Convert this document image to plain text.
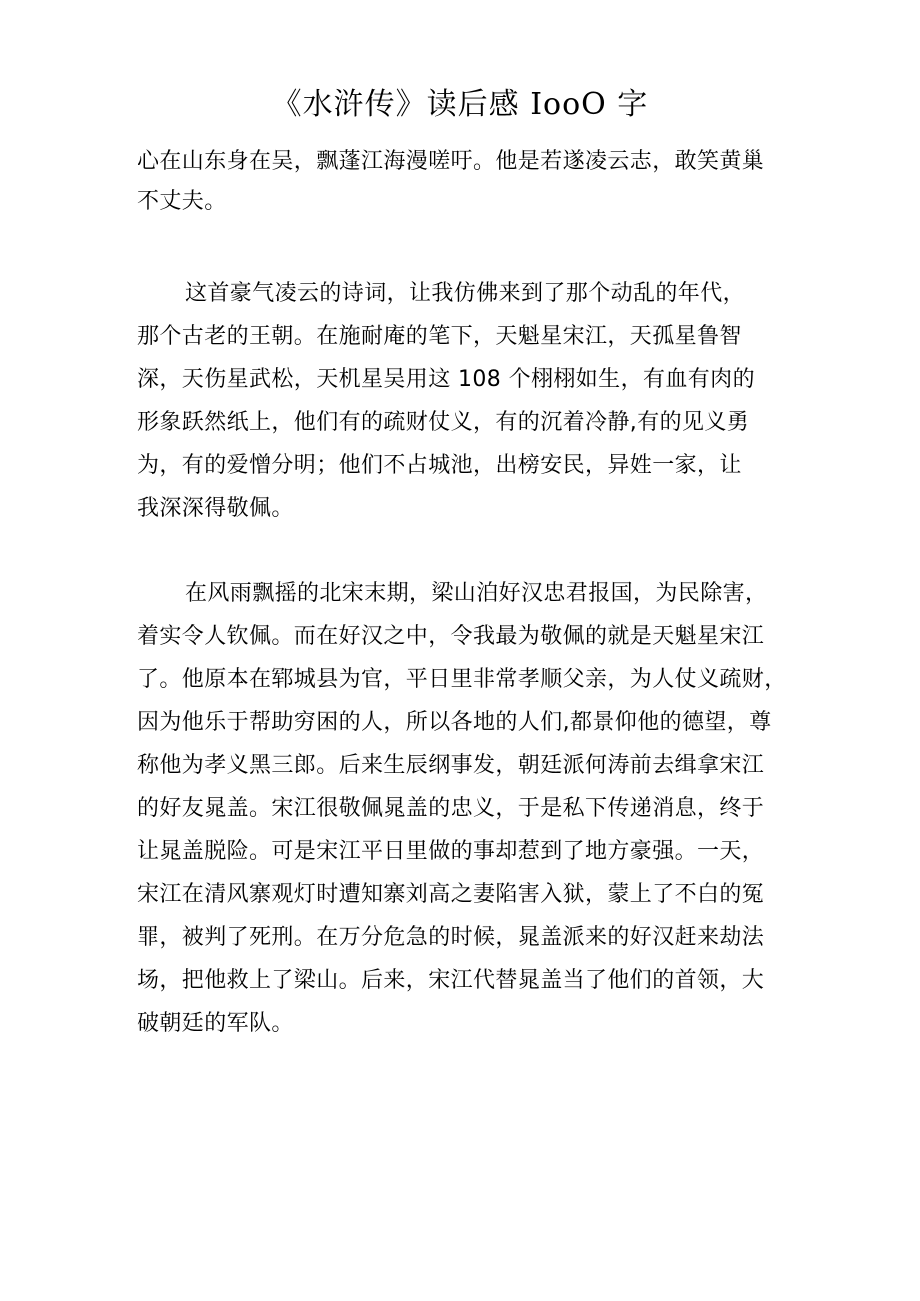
《水浒传》读后感 IooO 字
心在山东身在吴，飘蓬江海漫嗟吁。他是若遂凌云志，敢笑黄巢
不丈夫。
这首豪气凌云的诗词，让我仿佛来到了那个动乱的年代，
那个古老的王朝。在施耐庵的笔下，天魁星宋江，天孤星鲁智
深，天伤星武松，天机星吴用这 108 个栩栩如生，有血有肉的
形象跃然纸上，他们有的疏财仗义，有的沉着冷静,有的见义勇
为，有的爱憎分明；他们不占城池，出榜安民，异姓一家，让
我深深得敬佩。
在风雨飘摇的北宋末期，梁山泊好汉忠君报国，为民除害，
着实令人钦佩。而在好汉之中，令我最为敬佩的就是天魁星宋江
了。他原本在郓城县为官，平日里非常孝顺父亲，为人仗义疏财，
因为他乐于帮助穷困的人，所以各地的人们,都景仰他的德望，尊
称他为孝义黑三郎。后来生辰纲事发，朝廷派何涛前去缉拿宋江
的好友晁盖。宋江很敬佩晁盖的忠义，于是私下传递消息，终于
让晁盖脱险。可是宋江平日里做的事却惹到了地方豪强。一天，
宋江在清风寨观灯时遭知寨刘高之妻陷害入狱，蒙上了不白的冤
罪，被判了死刑。在万分危急的时候，晁盖派来的好汉赶来劫法
场，把他救上了梁山。后来，宋江代替晁盖当了他们的首领，大
破朝廷的军队。
